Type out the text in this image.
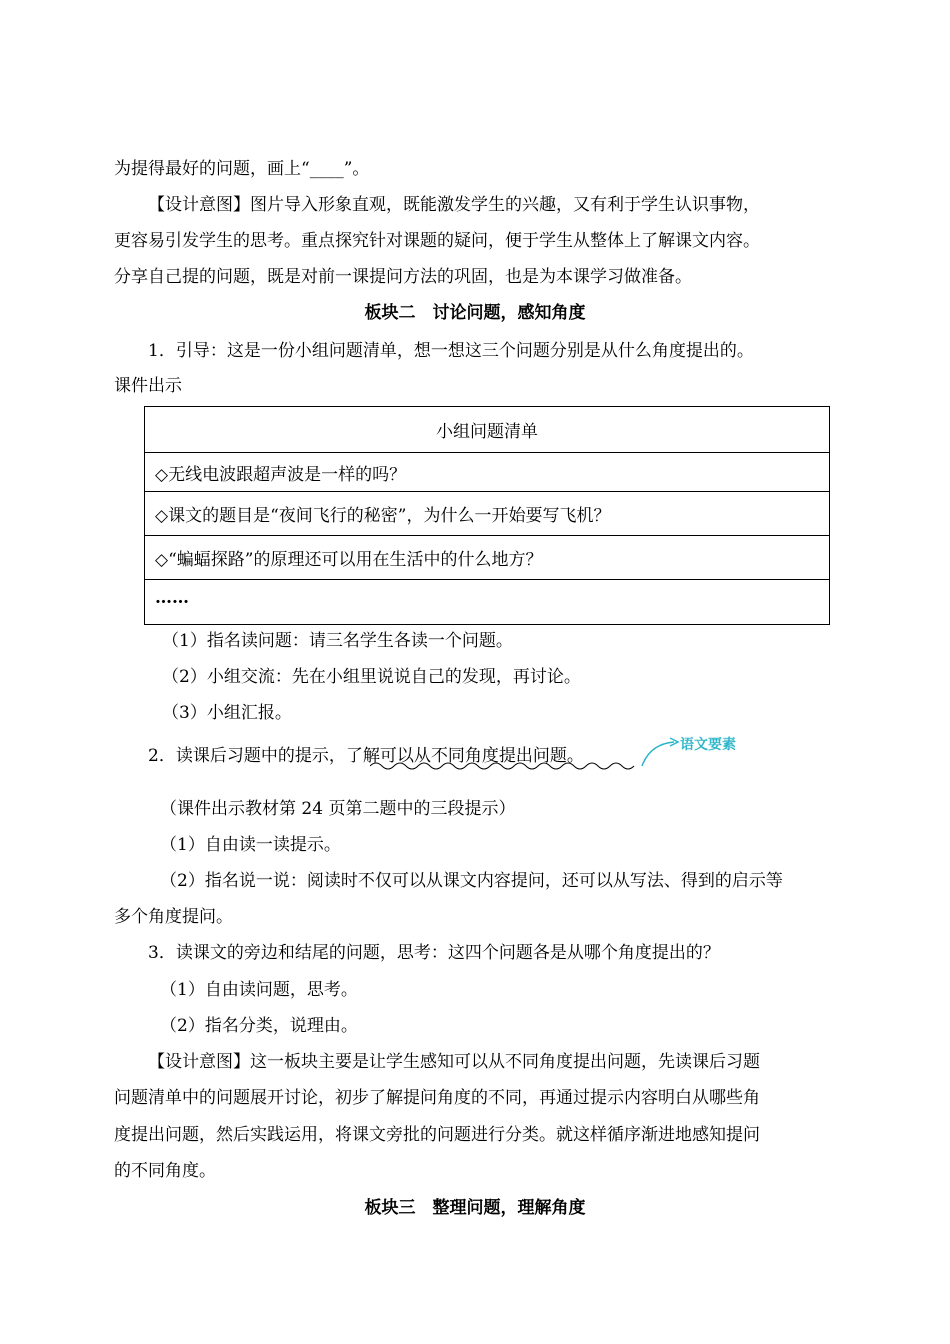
为提得最好的问题，画上“____”。
【设计意图】图片导入形象直观，既能激发学生的兴趣，又有利于学生认识事物，
更容易引发学生的思考。重点探究针对课题的疑问，便于学生从整体上了解课文内容。
分享自己提的问题，既是对前一课提问方法的巩固，也是为本课学习做准备。
板块二　讨论问题，感知角度
1．引导：这是一份小组问题清单，想一想这三个问题分别是从什么角度提出的。
课件出示
小组问题清单
◇无线电波跟超声波是一样的吗？
◇课文的题目是“夜间飞行的秘密”，为什么一开始要写飞机？
◇“蝙蝠探路”的原理还可以用在生活中的什么地方？
……
（1）指名读问题：请三名学生各读一个问题。
（2）小组交流：先在小组里说说自己的发现，再讨论。
（3）小组汇报。
2．读课后习题中的提示，了解可以从不同角度提出问题。
语文要素
（课件出示教材第 24 页第二题中的三段提示）
（1）自由读一读提示。
（2）指名说一说：阅读时不仅可以从课文内容提问，还可以从写法、得到的启示等
多个角度提问。
3．读课文的旁边和结尾的问题，思考：这四个问题各是从哪个角度提出的？
（1）自由读问题，思考。
（2）指名分类，说理由。
【设计意图】这一板块主要是让学生感知可以从不同角度提出问题，先读课后习题
问题清单中的问题展开讨论，初步了解提问角度的不同，再通过提示内容明白从哪些角
度提出问题，然后实践运用，将课文旁批的问题进行分类。就这样循序渐进地感知提问
的不同角度。
板块三　整理问题，理解角度
